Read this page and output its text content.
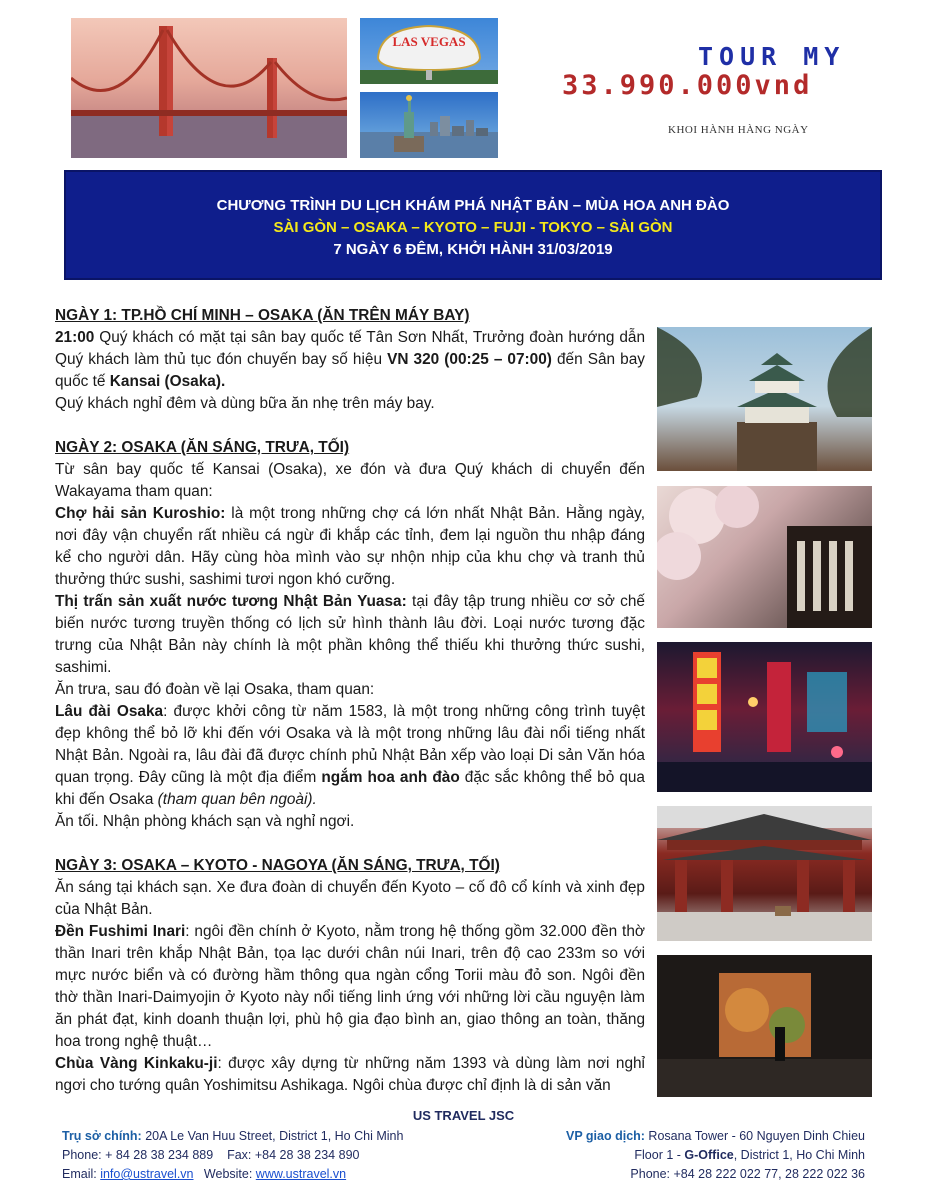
LAS VEGAS
TOUR MY
33.990.000vnd
KHOI HÀNH HÀNG NGÀY
CHƯƠNG TRÌNH DU LỊCH KHÁM PHÁ NHẬT BẢN – MÙA HOA ANH ĐÀO
SÀI GÒN – OSAKA – KYOTO – FUJI - TOKYO – SÀI GÒN
7 NGÀY 6 ĐÊM, KHỞI HÀNH 31/03/2019

NGÀY 1: TP.HỒ CHÍ MINH – OSAKA (ĂN TRÊN MÁY BAY)

21:00 Quý khách có mặt tại sân bay quốc tế Tân Sơn Nhất, Trưởng đoàn hướng dẫn Quý khách làm thủ tục đón chuyến bay số hiệu VN 320 (00:25 – 07:00) đến Sân bay quốc tế Kansai (Osaka).

Quý khách nghỉ đêm và dùng bữa ăn nhẹ trên máy bay.

NGÀY 2: OSAKA (ĂN SÁNG, TRƯA, TỐI)

Từ sân bay quốc tế Kansai (Osaka), xe đón và đưa Quý khách di chuyển đến Wakayama tham quan:

Chợ hải sản Kuroshio: là một trong những chợ cá lớn nhất Nhật Bản. Hằng ngày, nơi đây vận chuyển rất nhiều cá ngừ đi khắp các tỉnh, đem lại nguồn thu nhập đáng kể cho người dân. Hãy cùng hòa mình vào sự nhộn nhịp của khu chợ và tranh thủ thưởng thức sushi, sashimi tươi ngon khó cưỡng.

Thị trấn sản xuất nước tương Nhật Bản Yuasa: tại đây tập trung nhiều cơ sở chế biến nước tương truyền thống có lịch sử hình thành lâu đời. Loại nước tương đặc trưng của Nhật Bản này chính là một phần không thể thiếu khi thưởng thức sushi, sashimi.

Ăn trưa, sau đó đoàn về lại Osaka, tham quan:

Lâu đài Osaka: được khởi công từ năm 1583, là một trong những công trình tuyệt đẹp không thể bỏ lỡ khi đến với Osaka và là một trong những lâu đài nổi tiếng nhất Nhật Bản. Ngoài ra, lâu đài đã được chính phủ Nhật Bản xếp vào loại Di sản Văn hóa quan trọng. Đây cũng là một địa điểm ngắm hoa anh đào đặc sắc không thể bỏ qua khi đến Osaka (tham quan bên ngoài).

Ăn tối. Nhận phòng khách sạn và nghỉ ngơi.

NGÀY 3: OSAKA – KYOTO - NAGOYA (ĂN SÁNG, TRƯA, TỐI)

Ăn sáng tại khách sạn. Xe đưa đoàn di chuyển đến Kyoto – cố đô cổ kính và xinh đẹp của Nhật Bản.

Đền Fushimi Inari: ngôi đền chính ở Kyoto, nằm trong hệ thống gồm 32.000 đền thờ thần Inari trên khắp Nhật Bản, tọa lạc dưới chân núi Inari, trên độ cao 233m so với mực nước biển và có đường hầm thông qua ngàn cổng Torii màu đỏ son. Ngôi đền thờ thần Inari-Daimyojin ở Kyoto này nổi tiếng linh ứng với những lời cầu nguyện làm ăn phát đạt, kinh doanh thuận lợi, phù hộ gia đạo bình an, giao thông an toàn, thăng hoa trong nghệ thuật…

Chùa Vàng Kinkaku-ji: được xây dựng từ những năm 1393 và dùng làm nơi nghỉ ngơi cho tướng quân Yoshimitsu Ashikaga. Ngôi chùa được chỉ định là di sản văn

US TRAVEL JSC
Trụ sở chính: 20A Le Van Huu Street, District 1, Ho Chi Minh
Phone: + 84 28 38 234 889    Fax: +84 28 38 234 890
Email: info@ustravel.vn   Website: www.ustravel.vn
VP giao dịch: Rosana Tower - 60 Nguyen Dinh Chieu
Floor 1 - G-Office, District 1, Ho Chi Minh
Phone: +84 28 222 022 77, 28 222 022 36
